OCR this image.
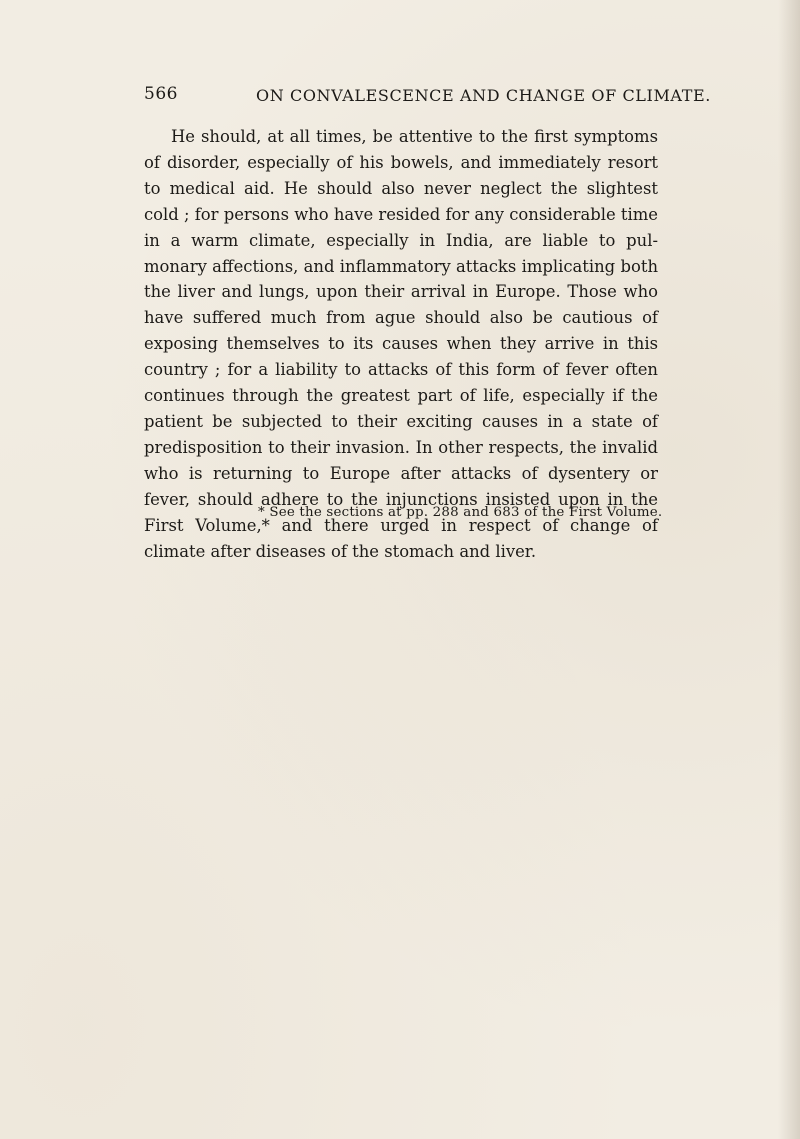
566	ON CONVALESCENCE AND CHANGE OF CLIMATE.

He should, at all times, be attentive to the first symptoms of disorder, especially of his bowels, and immediately resort to medical aid. He should also never neglect the slightest cold ; for persons who have resided for any considerable time in a warm climate, especially in India, are liable to pulmonary affections, and inflammatory attacks implicating both the liver and lungs, upon their arrival in Europe. Those who have suffered much from ague should also be cautious of exposing themselves to its causes when they arrive in this country ; for a liability to attacks of this form of fever often continues through the greatest part of life, especially if the patient be subjected to their exciting causes in a state of predisposition to their invasion. In other respects, the invalid who is returning to Europe after attacks of dysentery or fever, should adhere to the injunctions insisted upon in the First Volume,* and there urged in respect of change of climate after diseases of the stomach and liver.

* See the sections at pp. 288 and 683 of the First Volume.
